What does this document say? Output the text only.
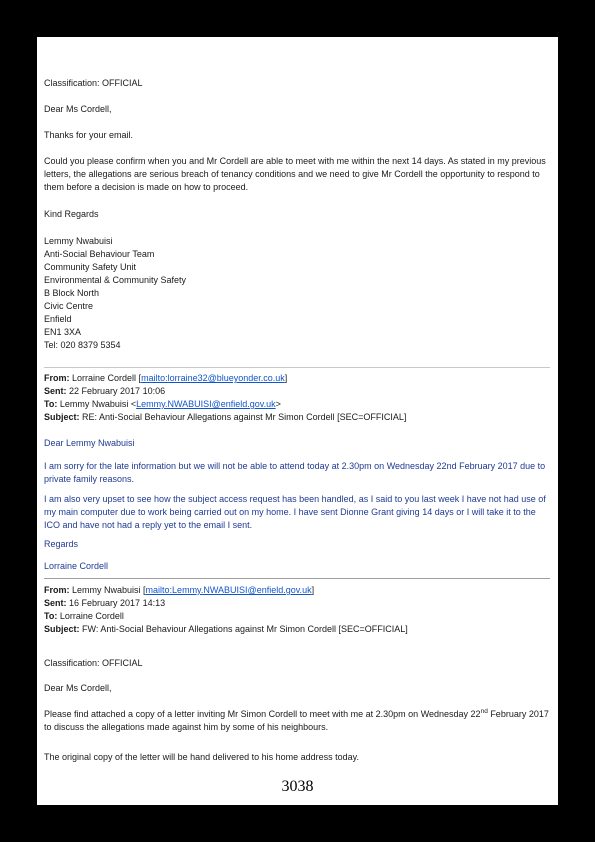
Classification: OFFICIAL

Dear Ms Cordell,

Thanks for your email.

Could you please confirm when you and Mr Cordell are able to meet with me within the next 14 days. As stated in my previous letters, the allegations are serious breach of tenancy conditions and we need to give Mr Cordell the opportunity to respond to them before a decision is made on how to proceed.

Kind Regards

Lemmy Nwabuisi
Anti-Social Behaviour Team
Community Safety Unit
Environmental & Community Safety
B Block North
Civic Centre
Enfield
EN1 3XA
Tel: 020 8379 5354
From: Lorraine Cordell [mailto:lorraine32@blueyonder.co.uk]
Sent: 22 February 2017 10:06
To: Lemmy Nwabuisi <Lemmy.NWABUISI@enfield.gov.uk>
Subject: RE: Anti-Social Behaviour Allegations against Mr Simon Cordell [SEC=OFFICIAL]

Dear Lemmy Nwabuisi

I am sorry for the late information but we will not be able to attend today at 2.30pm on Wednesday 22nd February 2017 due to private family reasons.

I am also very upset to see how the subject access request has been handled, as I said to you last week I have not had use of my main computer due to work being carried out on my home. I have sent Dionne Grant giving 14 days or I will take it to the ICO and have not had a reply yet to the email I sent.

Regards

Lorraine Cordell

From: Lemmy Nwabuisi [mailto:Lemmy.NWABUISI@enfield.gov.uk]
Sent: 16 February 2017 14:13
To: Lorraine Cordell
Subject: FW: Anti-Social Behaviour Allegations against Mr Simon Cordell [SEC=OFFICIAL]

Classification: OFFICIAL

Dear Ms Cordell,

Please find attached a copy of a letter inviting Mr Simon Cordell to meet with me at 2.30pm on Wednesday 22nd February 2017 to discuss the allegations made against him by some of his neighbours.

The original copy of the letter will be hand delivered to his home address today.

3038
